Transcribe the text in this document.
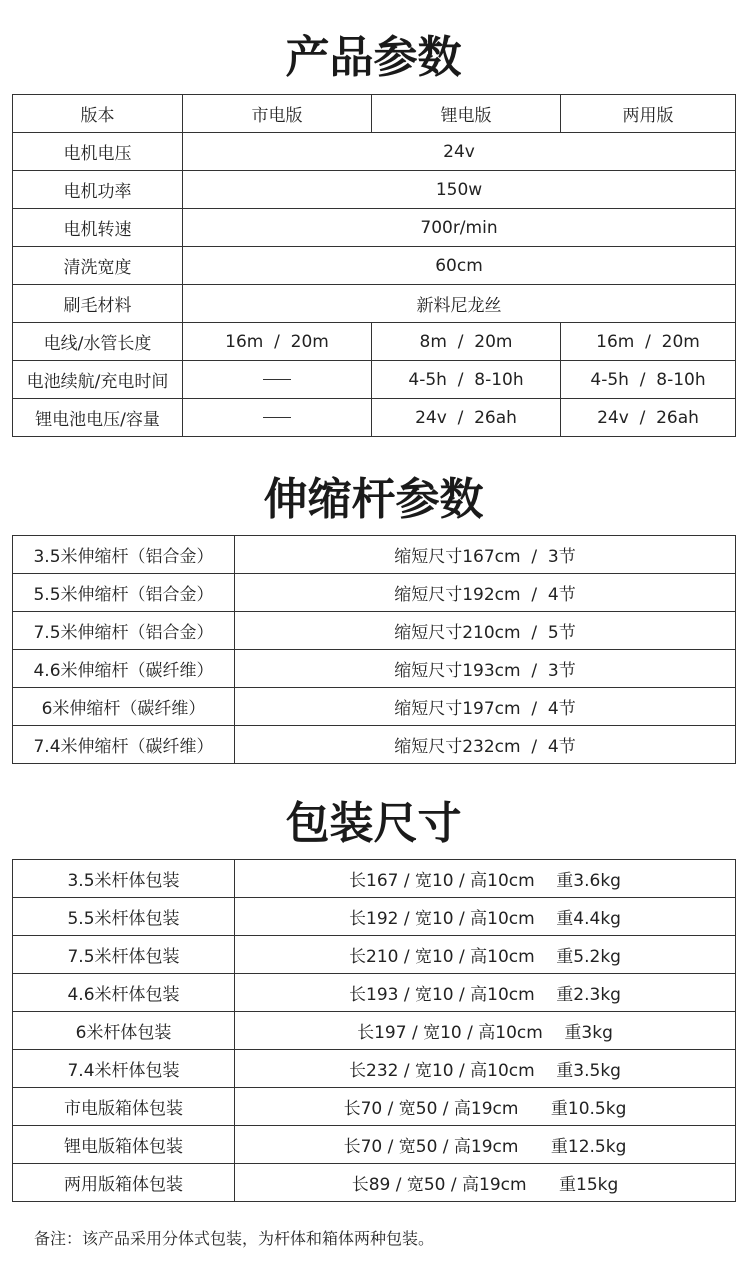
产品参数
版本	市电版	锂电版	两用版
电机电压	24v		
电机功率	150w		
电机转速	700r/min		
清洗宽度	60cm		
刷毛材料	新料尼龙丝		
电线/水管长度	16m  /  20m	8m  /  20m	16m  /  20m
电池续航/充电时间		4-5h  /  8-10h	4-5h  /  8-10h
锂电池电压/容量		24v  /  26ah	24v  /  26ah
伸缩杆参数
3.5米伸缩杆（铝合金）	缩短尺寸167cm  /  3节
5.5米伸缩杆（铝合金）	缩短尺寸192cm  /  4节
7.5米伸缩杆（铝合金）	缩短尺寸210cm  /  5节
4.6米伸缩杆（碳纤维）	缩短尺寸193cm  /  3节
6米伸缩杆（碳纤维）	缩短尺寸197cm  /  4节
7.4米伸缩杆（碳纤维）	缩短尺寸232cm  /  4节
包装尺寸
3.5米杆体包装	长167 / 宽10 / 高10cm    重3.6kg
5.5米杆体包装	长192 / 宽10 / 高10cm    重4.4kg
7.5米杆体包装	长210 / 宽10 / 高10cm    重5.2kg
4.6米杆体包装	长193 / 宽10 / 高10cm    重2.3kg
6米杆体包装	长197 / 宽10 / 高10cm    重3kg
7.4米杆体包装	长232 / 宽10 / 高10cm    重3.5kg
市电版箱体包装	长70 / 宽50 / 高19cm      重10.5kg
锂电版箱体包装	长70 / 宽50 / 高19cm      重12.5kg
两用版箱体包装	长89 / 宽50 / 高19cm      重15kg

备注：该产品采用分体式包装，为杆体和箱体两种包装。
